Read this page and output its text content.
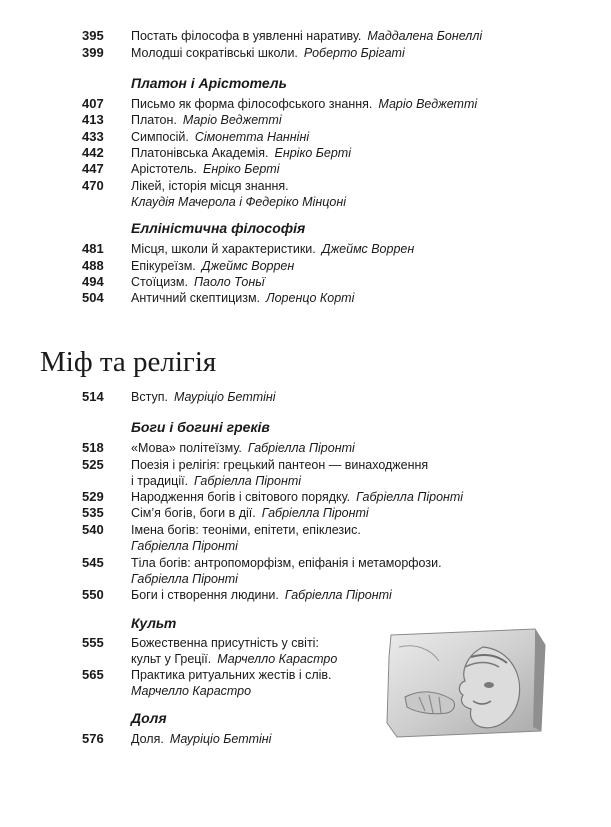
395	Постать філософа в уявленні наративу. Маддалена Бонеллі
399	Молодші сократівські школи. Роберто Брігаті
Платон і Арістотель
407	Письмо як форма філософського знання. Маріо Веджетті
413	Платон. Маріо Веджетті
433	Симпосій. Сімонетта Нанніні
442	Платонівська Академія. Енріко Берті
447	Арістотель. Енріко Берті
470	Лікей, історія місця знання.
Клаудія Мачерола і Федеріко Мінцоні
Елліністична філософія
481	Місця, школи й характеристики. Джеймс Воррен
488	Епікуреїзм. Джеймс Воррен
494	Стоїцизм. Паоло Тоньї
504	Античний скептицизм. Лоренцо Корті
Міф та релігія
514	Вступ. Мауріціо Беттіні
Боги і богині греків
518	«Мова» політеїзму. Габріелла Піронті
525	Поезія і релігія: грецький пантеон — винаходження
і традиції. Габріелла Піронті
529	Народження богів і світового порядку. Габріелла Піронті
535	Сім’я богів, боги в дії. Габріелла Піронті
540	Імена богів: теоніми, епітети, епіклезис.
Габріелла Піронті
545	Тіла богів: антропоморфізм, епіфанія і метаморфози.
Габріелла Піронті
550	Боги і створення людини. Габріелла Піронті
Культ
555	Божественна присутність у світі:
культ у Греції. Марчелло Карастро
565	Практика ритуальних жестів і слів.
Марчелло Карастро
Доля
576	Доля. Мауріціо Беттіні
